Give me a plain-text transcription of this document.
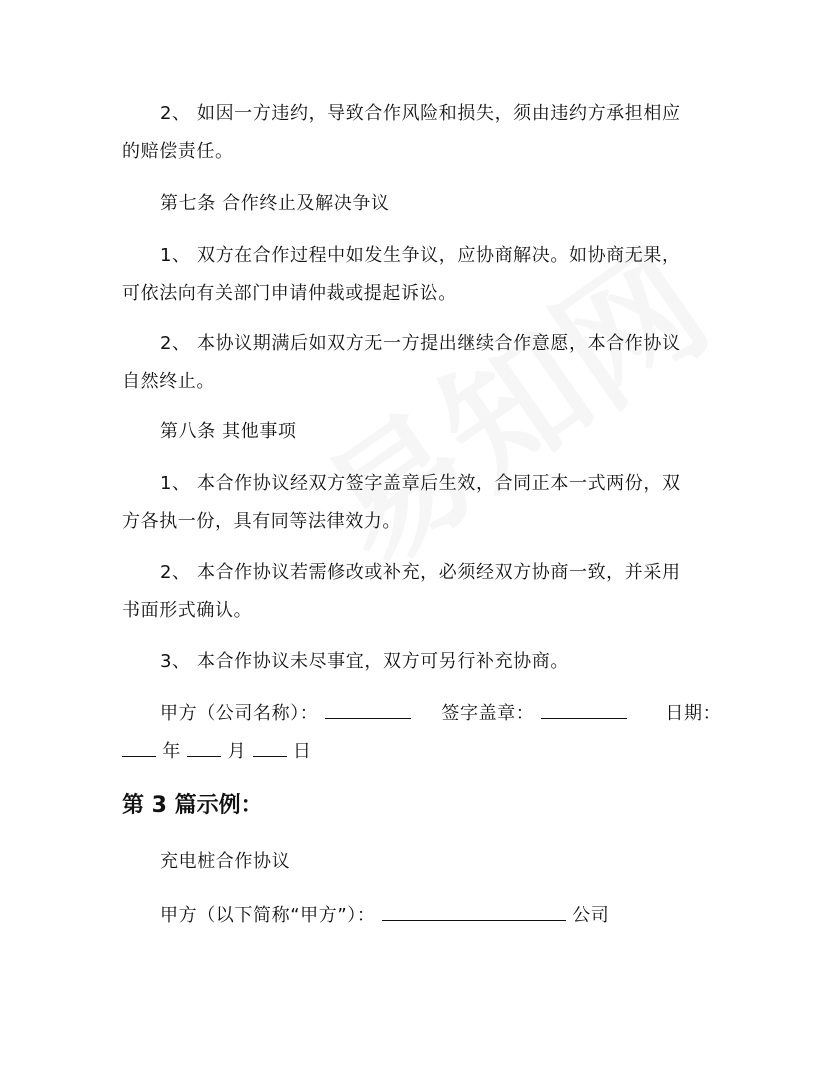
2、 如因一方违约，导致合作风险和损失，须由违约方承担相应
的赔偿责任。
第七条 合作终止及解决争议
1、 双方在合作过程中如发生争议，应协商解决。如协商无果，
可依法向有关部门申请仲裁或提起诉讼。
2、 本协议期满后如双方无一方提出继续合作意愿，本合作协议
自然终止。
第八条 其他事项
1、 本合作协议经双方签字盖章后生效，合同正本一式两份，双
方各执一份，具有同等法律效力。
2、 本合作协议若需修改或补充，必须经双方协商一致，并采用
书面形式确认。
3、 本合作协议未尽事宜，双方可另行补充协商。
甲方（公司名称）：	签字盖章：	日期：
年	月	日
第 3 篇示例：
充电桩合作协议
甲方（以下简称“甲方”）：	公司
